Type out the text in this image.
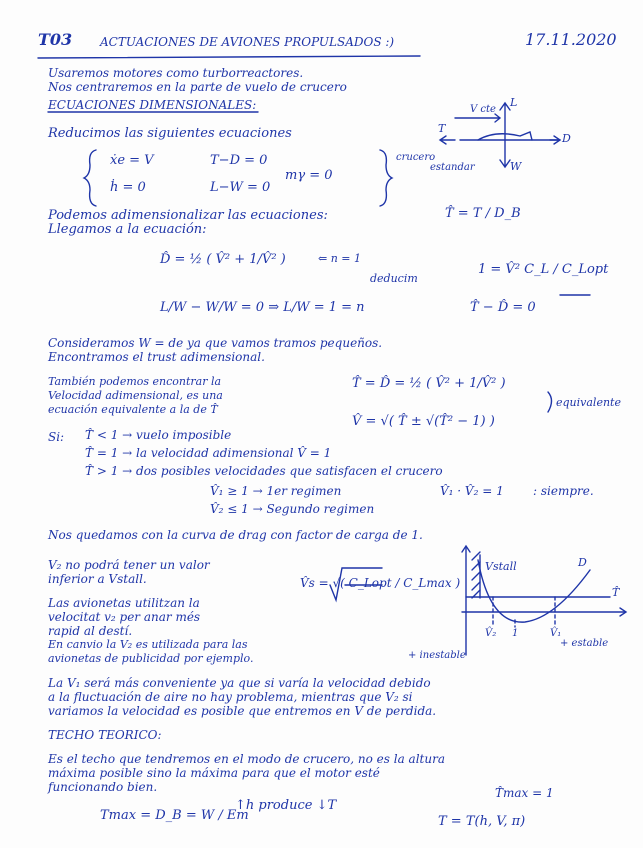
T03 ACTUACIONES DE AVIONES PROPULSADOS :)	17.11.2020
Usaremos motores como turborreactores.
Nos centraremos en la parte de vuelo de crucero
ECUACIONES DIMENSIONALES:
Reducimos las siguientes ecuaciones
ẋe = V
ḣ = 0
T−D = 0
L−W = 0
mγ = 0
V cte
L
T
D
W
crucero
estandar
Podemos adimensionalizar las ecuaciones:
Llegamos a la ecuación:
T̂ = T / D_B
D̂ = ½ ( V̂² + 1/V̂² )	⇐ n = 1
deducim
1 = V̂² C_L / C_Lopt
L/W − W/W = 0 ⇒ L/W = 1 = n	T̂ − D̂ = 0
Consideramos W = de ya que vamos tramos pequeños.
Encontramos el trust adimensional.
También podemos encontrar la
Velocidad adimensional, es una
ecuación equivalente a la de T̂
T̂ = D̂ = ½ ( V̂² + 1/V̂² )
V̂ = √( T̂ ± √(T̂² − 1) )
equivalente
Si: T̂ < 1 → vuelo imposible
T̂ = 1 → la velocidad adimensional V̂ = 1
T̂ > 1 → dos posibles velocidades que satisfacen el crucero
V̂₁ ≥ 1 → 1er regimen
V̂₂ ≤ 1 → Segundo regimen
V̂₁ · V̂₂ = 1 : siempre.
Nos quedamos con la curva de drag con factor de carga de 1.
V₂ no podrá tener un valor
inferior a Vstall.
Las avionetas utilitzan la
velocitat v₂ per anar més
rapid al destí.
En canvio la V₂ es utilizada para las
avionetas de publicidad por ejemplo.
V̂s = √( C_Lopt / C_Lmax )
Vstall	D
T̂
V̂₂ 1	V̂₁
+ inestable
+ estable
La V₁ será más conveniente ya que si varía la velocidad debido
a la fluctuación de aire no hay problema, mientras que V₂ si
variamos la velocidad es posible que entremos en V de perdida.
TECHO TEORICO:
Es el techo que tendremos en el modo de crucero, no es la altura
máxima posible sino la máxima para que el motor esté
funcionando bien.
Tmax = D_B = W / Em
↑h produce ↓T
T̂max = 1
T = T(h, V, π)
